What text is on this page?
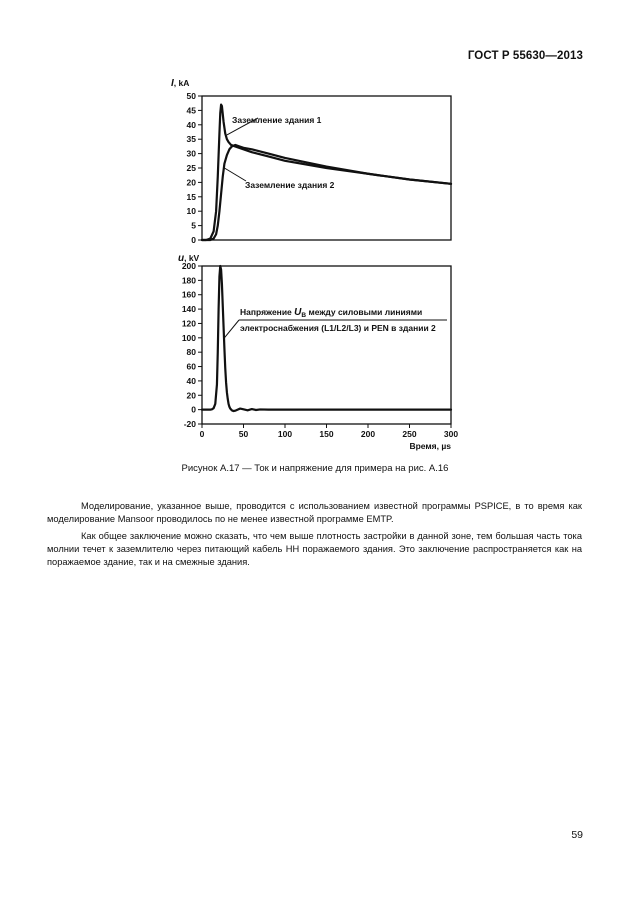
ГОСТ Р 55630—2013
50
45
40
35
30
25
20
15
10
5
0
I, kA
Заземление здания 1
Заземление здания 2
200
180
160
140
120
100
80
60
40
20
0
-20
0	50	100	150	200	250	300
u, kV
Время, µs
Напряжение $U_B$ между силовыми линиями
электроснабжения (L1/L2/L3) и PEN в здании 2
Рисунок А.17 — Ток и напряжение для примера на рис. А.16

Моделирование, указанное выше, проводится с использованием известной программы PSPICE, в то время как моделирование Mansoor проводилось по не менее известной программе EMTP.

Как общее заключение можно сказать, что чем выше плотность застройки в данной зоне, тем большая часть тока молнии течет к заземлителю через питающий кабель НН поражаемого здания. Это заключение распространяется как на поражаемое здание, так и на смежные здания.

59
